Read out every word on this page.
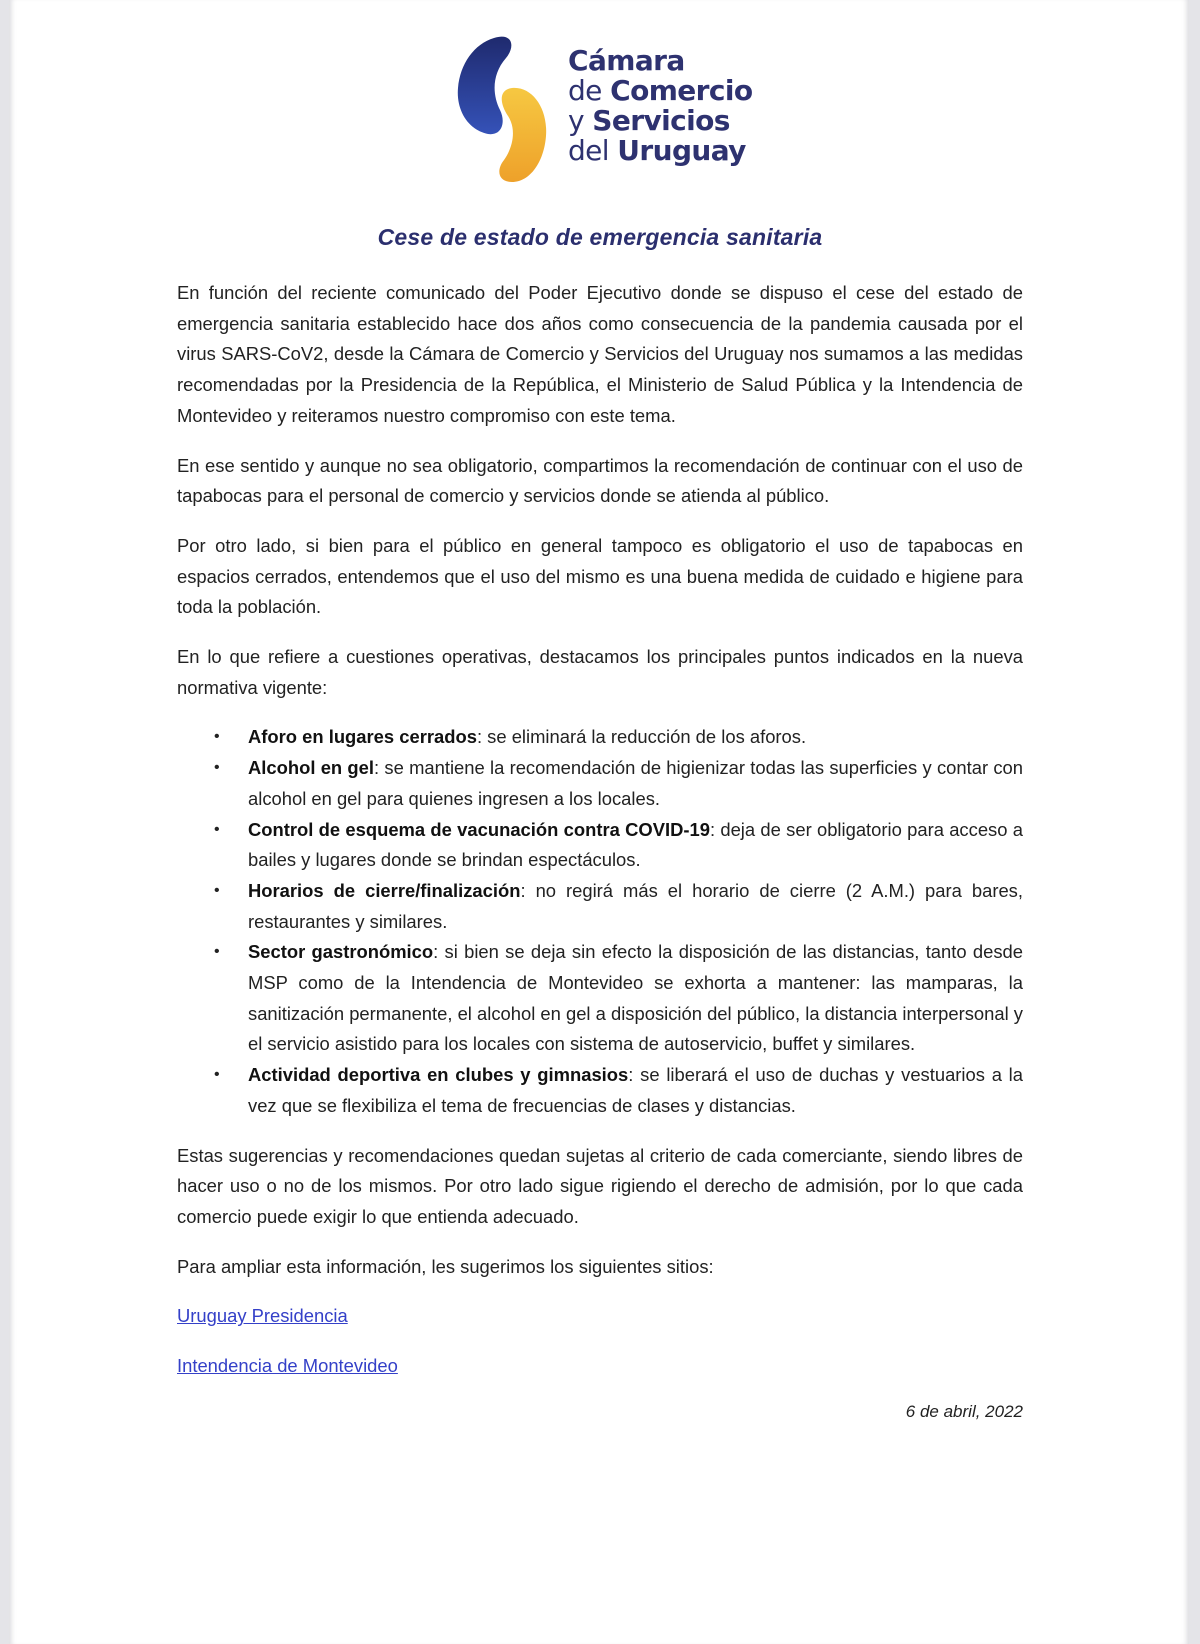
Cámara
de Comercio
y Servicios
del Uruguay
Cese de estado de emergencia sanitaria

En función del reciente comunicado del Poder Ejecutivo donde se dispuso el cese del estado de emergencia sanitaria establecido hace dos años como consecuencia de la pandemia causada por el virus SARS-CoV2, desde la Cámara de Comercio y Servicios del Uruguay nos sumamos a las medidas recomendadas por la Presidencia de la República, el Ministerio de Salud Pública y la Intendencia de Montevideo y reiteramos nuestro compromiso con este tema.

En ese sentido y aunque no sea obligatorio, compartimos la recomendación de continuar con el uso de tapabocas para el personal de comercio y servicios donde se atienda al público.

Por otro lado, si bien para el público en general tampoco es obligatorio el uso de tapabocas en espacios cerrados, entendemos que el uso del mismo es una buena medida de cuidado e higiene para toda la población.

En lo que refiere a cuestiones operativas, destacamos los principales puntos indicados en la nueva normativa vigente:

• Aforo en lugares cerrados: se eliminará la reducción de los aforos.
• Alcohol en gel: se mantiene la recomendación de higienizar todas las superficies y contar con alcohol en gel para quienes ingresen a los locales.
• Control de esquema de vacunación contra COVID-19: deja de ser obligatorio para acceso a bailes y lugares donde se brindan espectáculos.
• Horarios de cierre/finalización: no regirá más el horario de cierre (2 A.M.) para bares, restaurantes y similares.
• Sector gastronómico: si bien se deja sin efecto la disposición de las distancias, tanto desde MSP como de la Intendencia de Montevideo se exhorta a mantener: las mamparas, la sanitización permanente, el alcohol en gel a disposición del público, la distancia interpersonal y el servicio asistido para los locales con sistema de autoservicio, buffet y similares.
• Actividad deportiva en clubes y gimnasios: se liberará el uso de duchas y vestuarios a la vez que se flexibiliza el tema de frecuencias de clases y distancias.

Estas sugerencias y recomendaciones quedan sujetas al criterio de cada comerciante, siendo libres de hacer uso o no de los mismos. Por otro lado sigue rigiendo el derecho de admisión, por lo que cada comercio puede exigir lo que entienda adecuado.

Para ampliar esta información, les sugerimos los siguientes sitios:

Uruguay Presidencia

Intendencia de Montevideo

6 de abril, 2022
